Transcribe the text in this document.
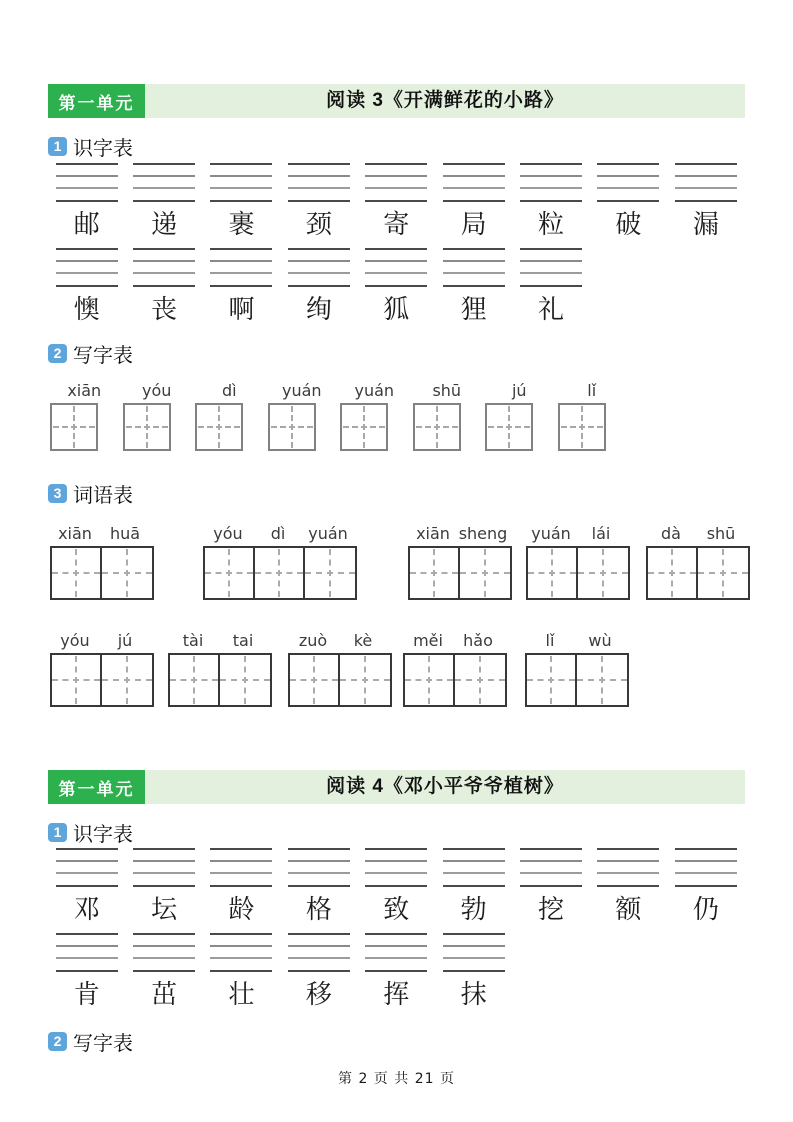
第一单元	阅读 3《开满鲜花的小路》
1 识字表
邮	递	裹	颈	寄	局	粒	破	漏
懊	丧	啊	绚	狐	狸	礼
2 写字表
xiān	yóu	dì	yuán	yuán	shū	jú	lǐ
3 词语表
xiān	huā	yóu	dì	yuán	xiān sheng	yuán	lái	dà	shū
yóu	jú	tài	tai	zuò	kè	měi	hǎo	lǐ	wù
第一单元	阅读 4《邓小平爷爷植树》
1 识字表
邓	坛	龄	格	致	勃	挖	额	仍
肯	茁	壮	移	挥	抹
2 写字表
第 2 页 共 21 页
